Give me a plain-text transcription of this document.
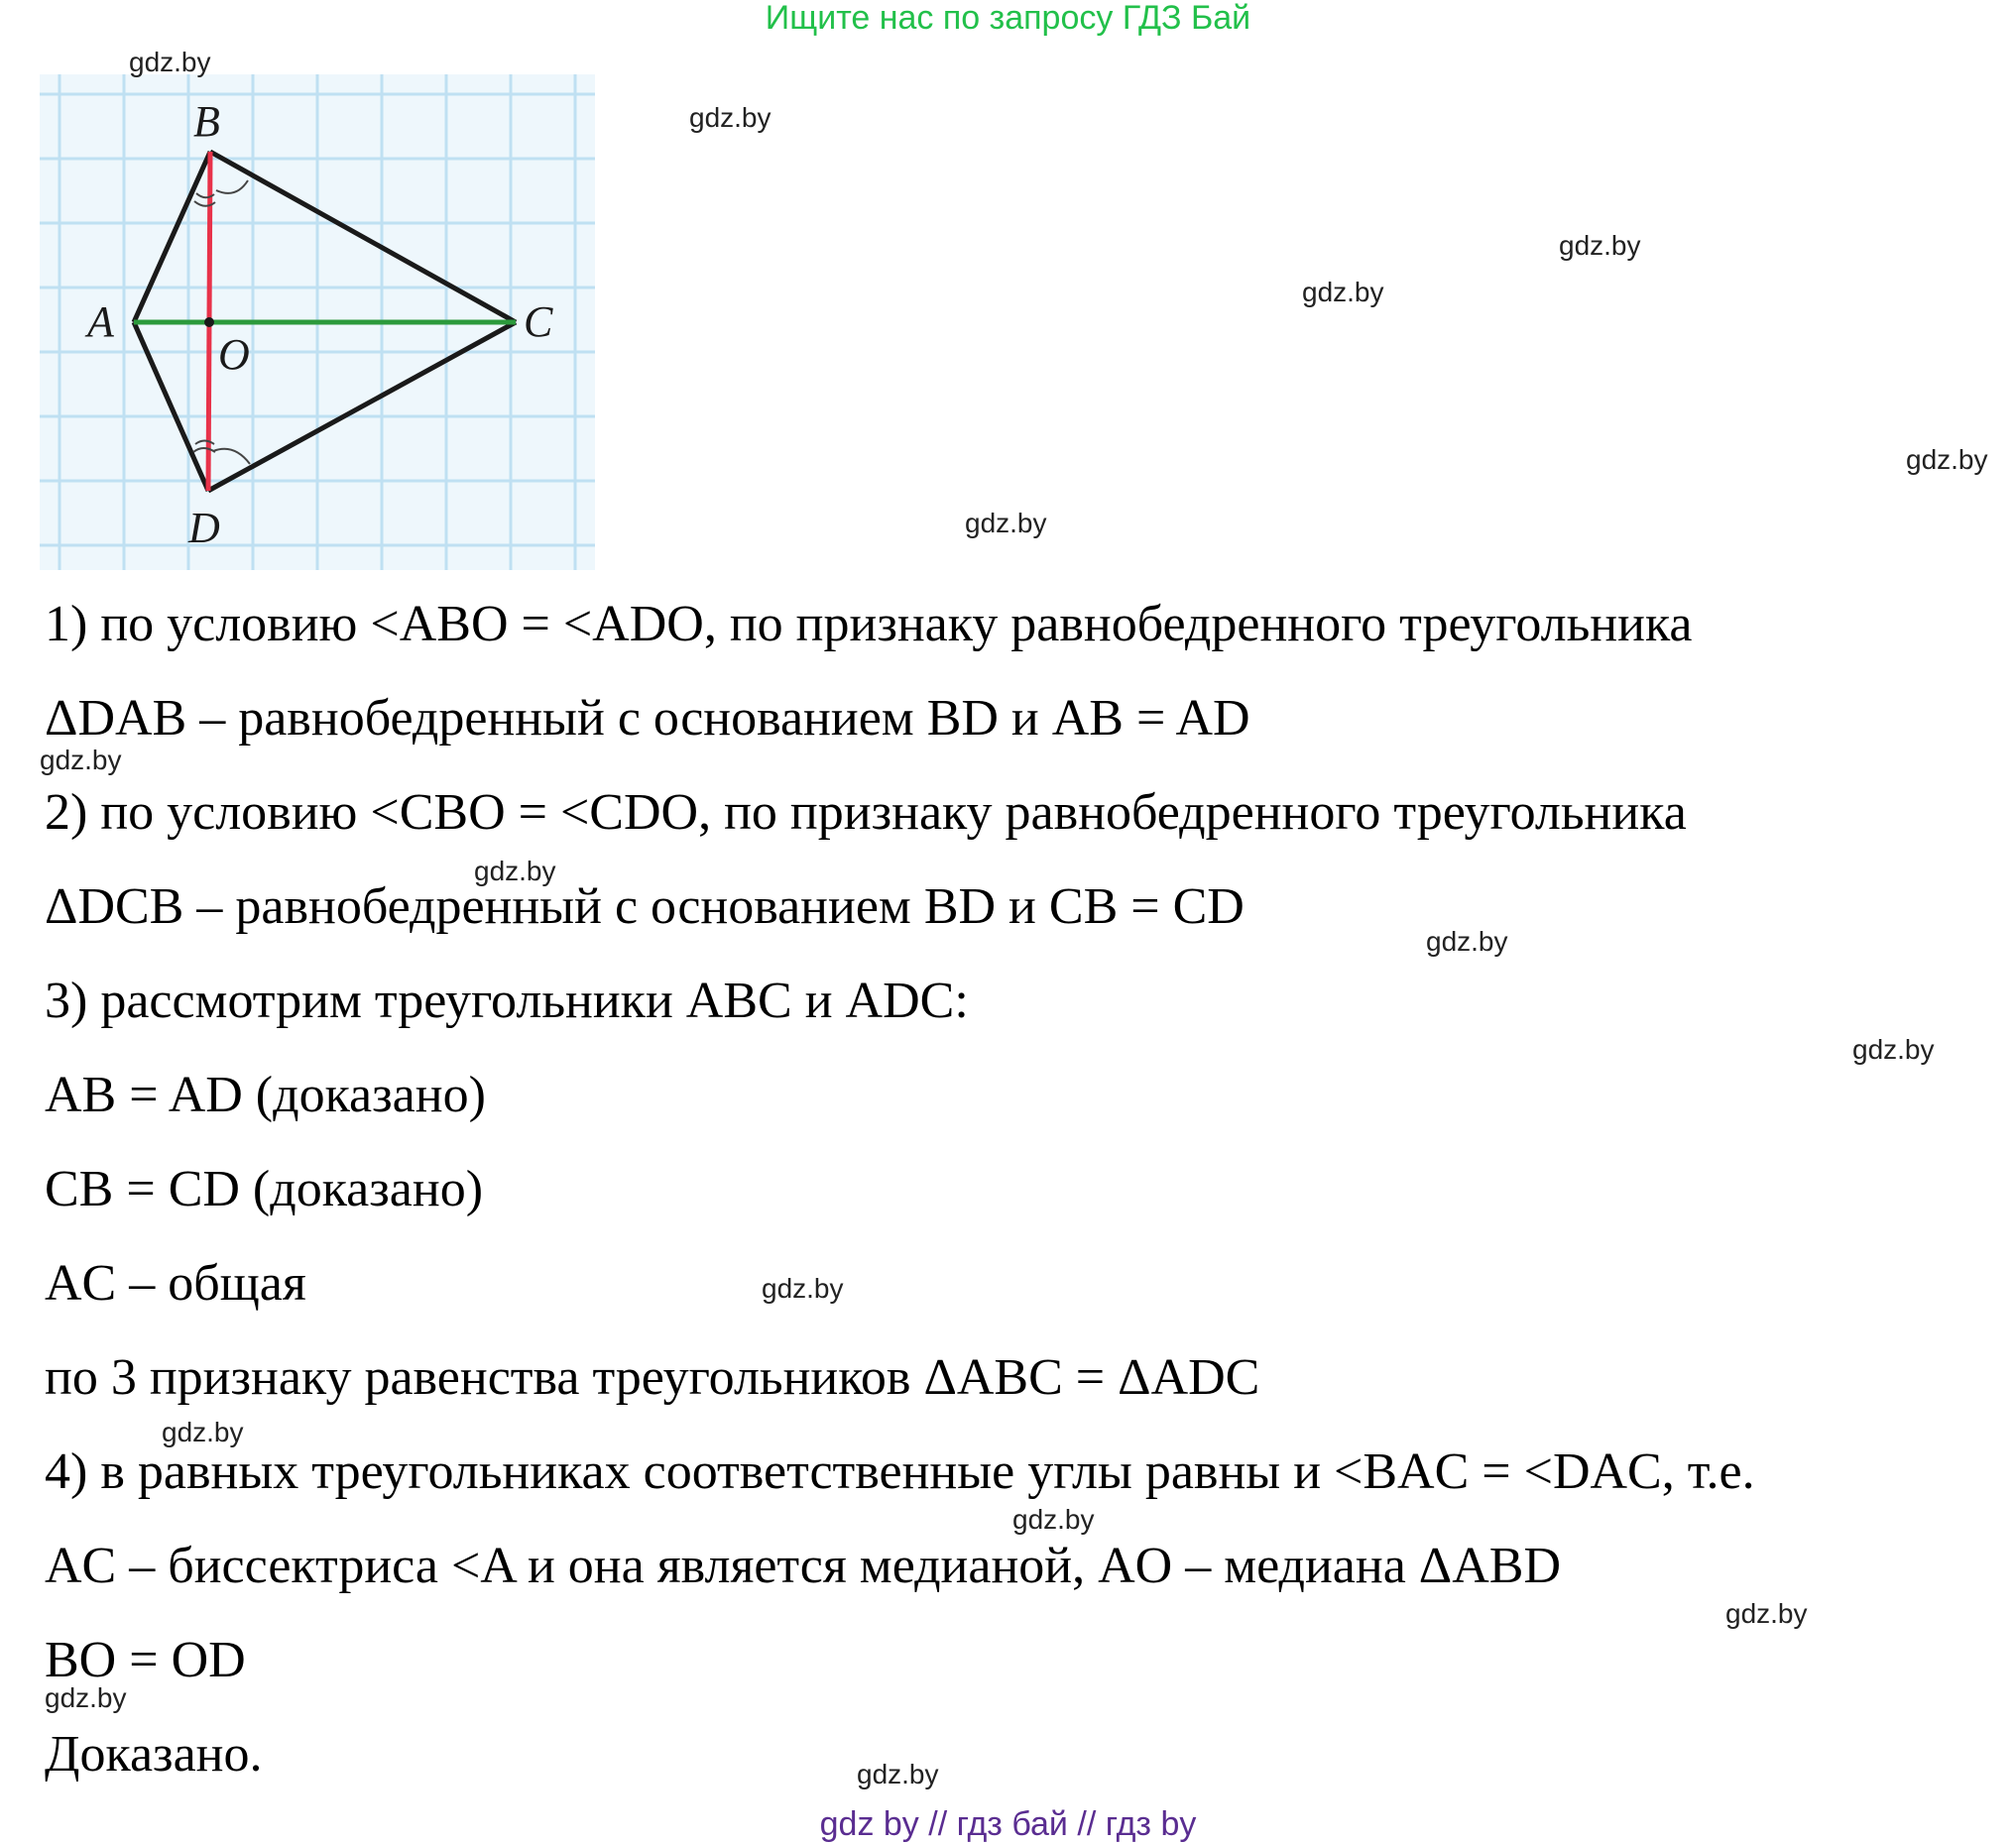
Ищите нас по запросу ГДЗ Бай
B
A	C
O
D
gdz.by
gdz.by
gdz.by
gdz.by
gdz.by
gdz.by
gdz.by
gdz.by
gdz.by
gdz.by
gdz.by
gdz.by
gdz.by
gdz.by
gdz.by
gdz.by
1) по условию <ABO = <ADO, по признаку равнобедренного треугольника
ΔDAB – равнобедренный с основанием BD и AB = AD
2) по условию <CBO = <CDO, по признаку равнобедренного треугольника
ΔDCB – равнобедренный с основанием BD и CB = CD
3) рассмотрим треугольники ABC и ADC:
AB = AD (доказано)
CB = CD (доказано)
AC – общая
по 3 признаку равенства треугольников ΔABC = ΔADC
4) в равных треугольниках соответственные углы равны и <BAC = <DAC, т.е.
AC – биссектриса <A и она является медианой, AO – медиана ΔABD
BO = OD
Доказано.
gdz by // гдз бай // гдз by
